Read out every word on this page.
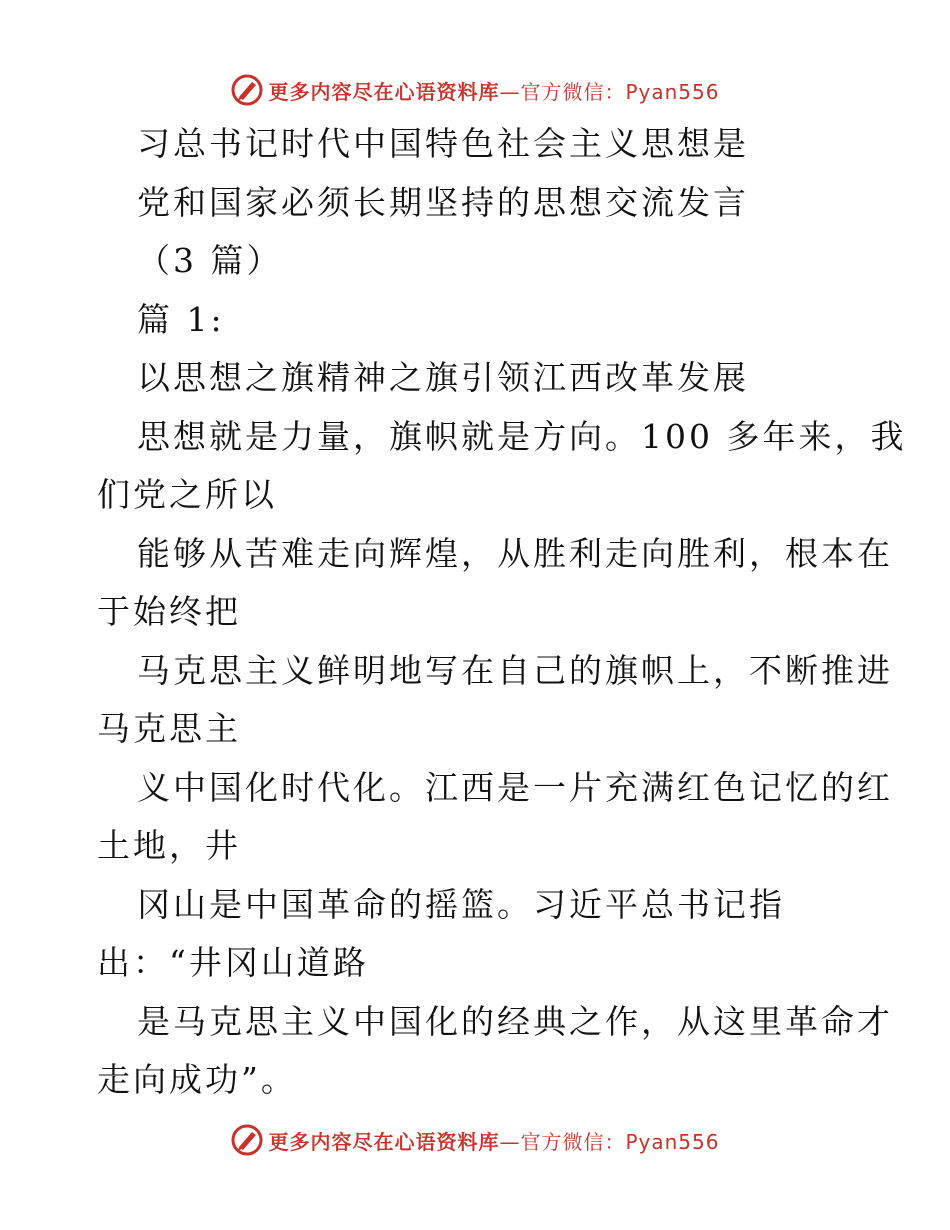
更多内容尽在心语资料库 —官方微信：Pyan556

习总书记时代中国特色社会主义思想是

党和国家必须长期坚持的思想交流发言

（3 篇）

篇 1:

以思想之旗精神之旗引领江西改革发展

思想就是力量，旗帜就是方向。100 多年来，我

们党之所以

能够从苦难走向辉煌，从胜利走向胜利，根本在

于始终把

马克思主义鲜明地写在自己的旗帜上，不断推进

马克思主

义中国化时代化。江西是一片充满红色记忆的红

土地，井

冈山是中国革命的摇篮。习近平总书记指

出：“井冈山道路

是马克思主义中国化的经典之作，从这里革命才

走向成功”。

更多内容尽在心语资料库 —官方微信：Pyan556
